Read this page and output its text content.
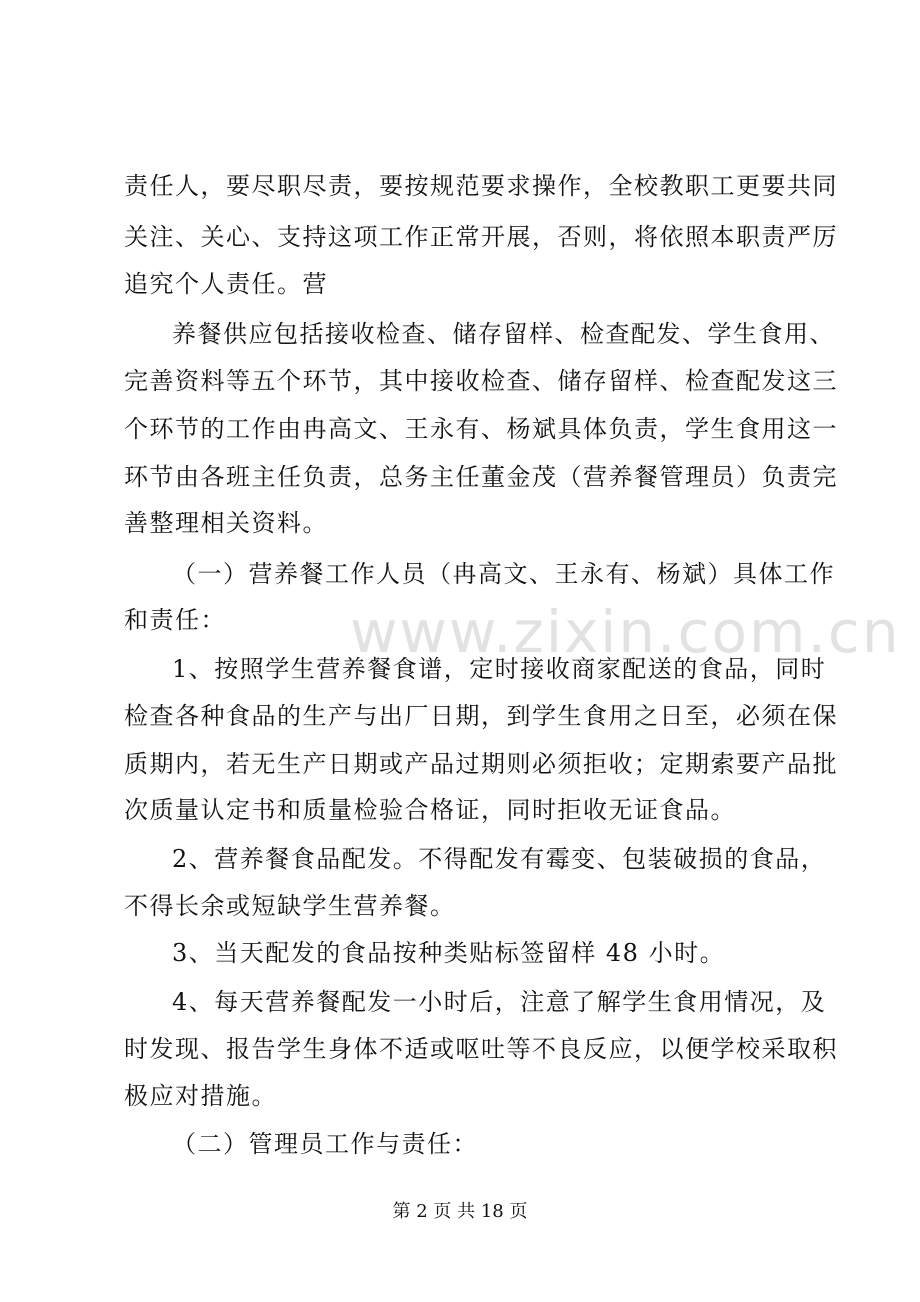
www.zixin.com.cn
责任人，要尽职尽责，要按规范要求操作，全校教职工更要共同
关注、关心、支持这项工作正常开展，否则，将依照本职责严厉
追究个人责任。营
养餐供应包括接收检查、储存留样、检查配发、学生食用、
完善资料等五个环节，其中接收检查、储存留样、检查配发这三
个环节的工作由冉高文、王永有、杨斌具体负责，学生食用这一
环节由各班主任负责，总务主任董金茂（营养餐管理员）负责完
善整理相关资料。
（一）营养餐工作人员（冉高文、王永有、杨斌）具体工作
和责任：
1、按照学生营养餐食谱，定时接收商家配送的食品，同时
检查各种食品的生产与出厂日期，到学生食用之日至，必须在保
质期内，若无生产日期或产品过期则必须拒收；定期索要产品批
次质量认定书和质量检验合格证，同时拒收无证食品。
2、营养餐食品配发。不得配发有霉变、包装破损的食品，
不得长余或短缺学生营养餐。
3、当天配发的食品按种类贴标签留样 48 小时。
4、每天营养餐配发一小时后，注意了解学生食用情况，及
时发现、报告学生身体不适或呕吐等不良反应，以便学校采取积
极应对措施。
（二）管理员工作与责任：
第 2 页 共 18 页
